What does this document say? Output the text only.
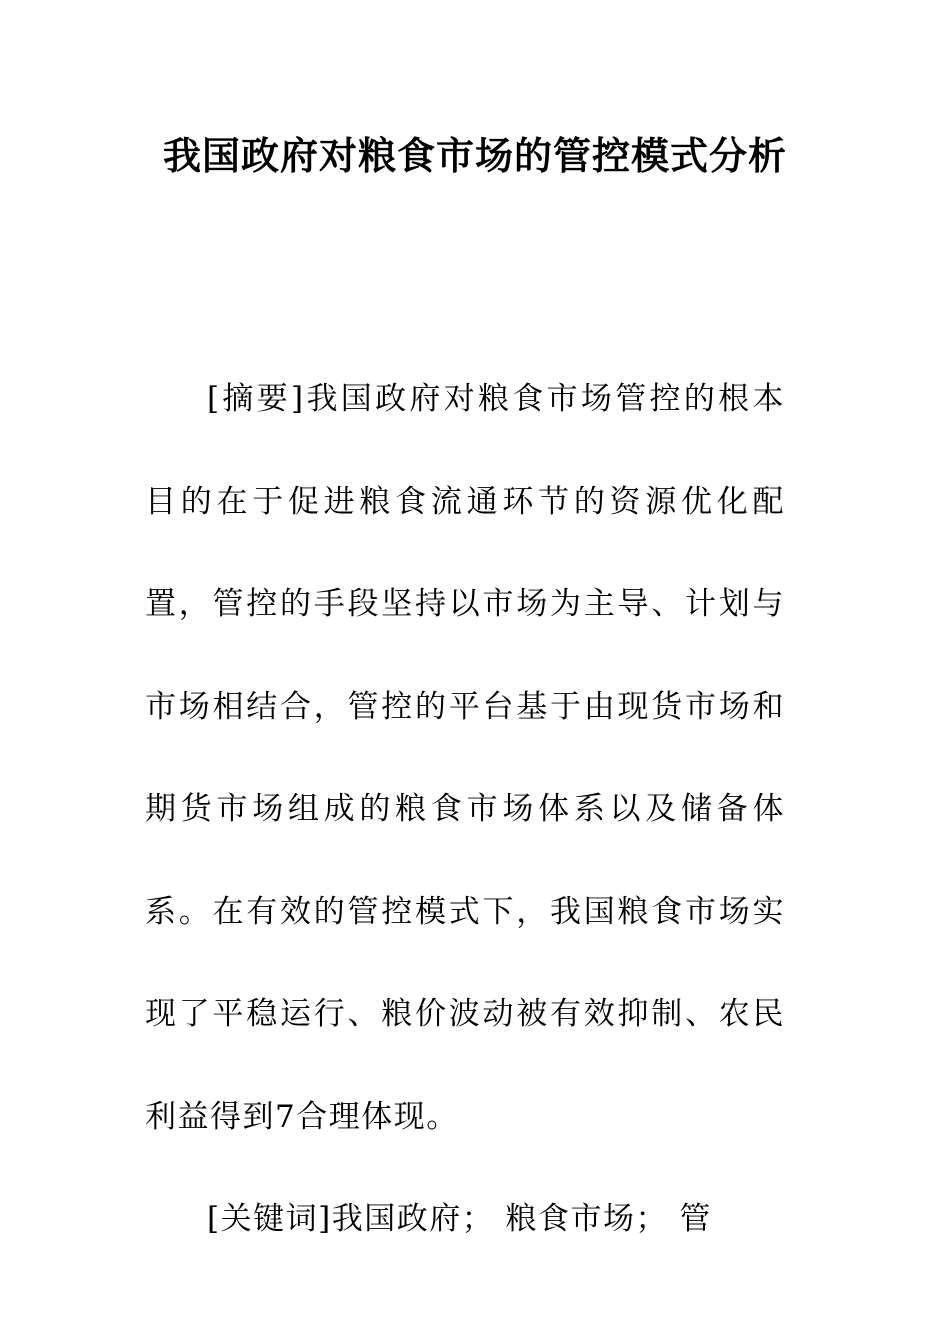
我国政府对粮食市场的管控模式分析

[摘要]我国政府对粮食市场管控的根本目的在于促进粮食流通环节的资源优化配置，管控的手段坚持以市场为主导、计划与市场相结合，管控的平台基于由现货市场和期货市场组成的粮食市场体系以及储备体系。在有效的管控模式下，我国粮食市场实现了平稳运行、粮价波动被有效抑制、农民利益得到7合理体现。

[关键词]我国政府； 粮食市场； 管
